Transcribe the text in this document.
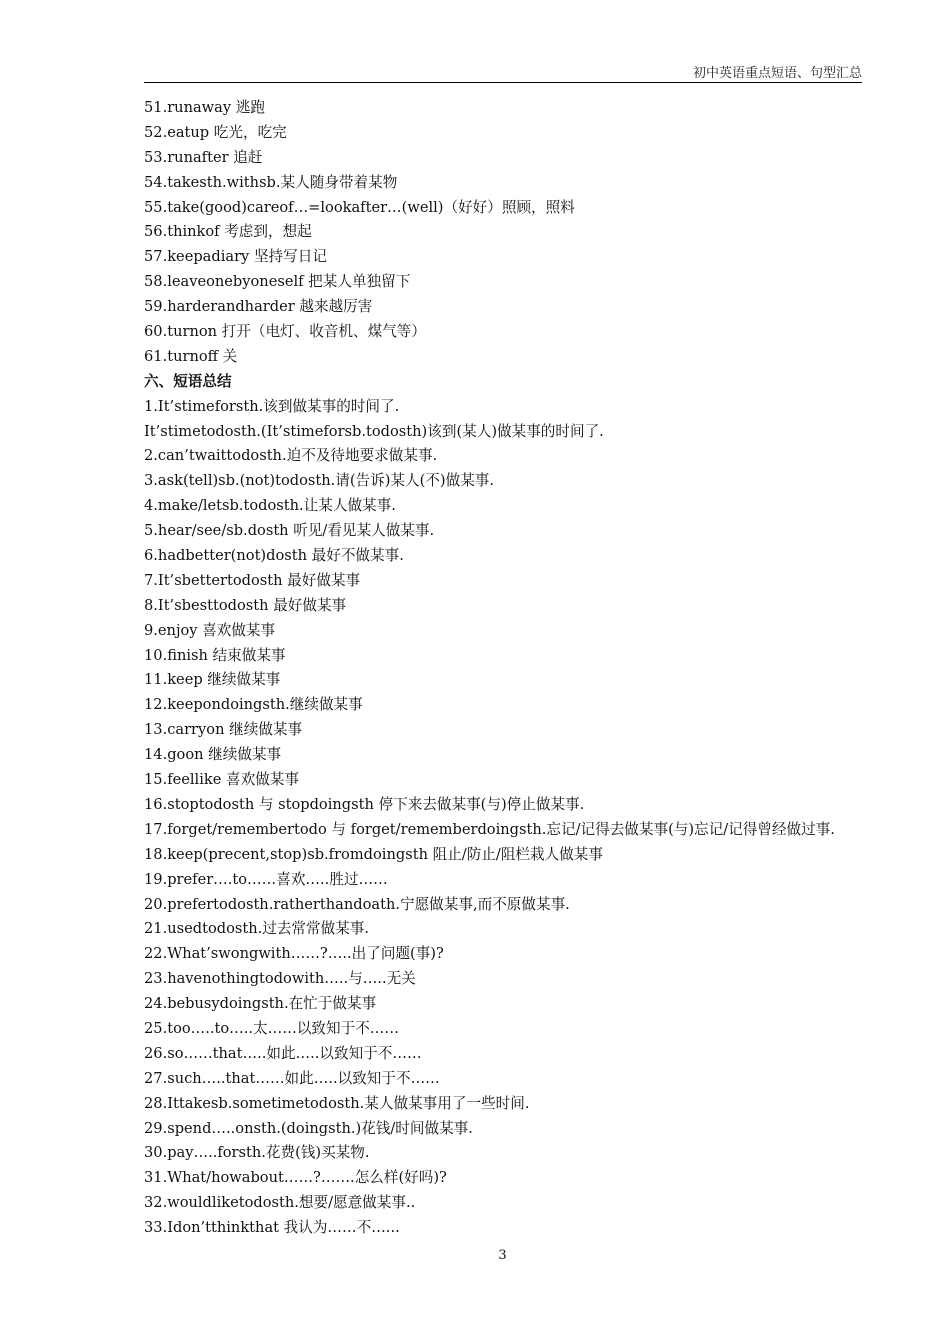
初中英语重点短语、句型汇总
51.runaway 逃跑
52.eatup 吃光，吃完
53.runafter 追赶
54.takesth.withsb.某人随身带着某物
55.take(good)careof…=lookafter…(well)（好好）照顾，照料
56.thinkof 考虑到，想起
57.keepadiary 坚持写日记
58.leaveonebyoneself 把某人单独留下
59.harderandharder 越来越厉害
60.turnon 打开（电灯、收音机、煤气等）
61.turnoff 关
六、短语总结
1.It’stimeforsth.该到做某事的时间了.
It’stimetodosth.(It’stimeforsb.todosth)该到(某人)做某事的时间了.
2.can’twaittodosth.迫不及待地要求做某事.
3.ask(tell)sb.(not)todosth.请(告诉)某人(不)做某事.
4.make/letsb.todosth.让某人做某事.
5.hear/see/sb.dosth 听见/看见某人做某事.
6.hadbetter(not)dosth 最好不做某事.
7.It’sbettertodosth 最好做某事
8.It’sbesttodosth 最好做某事
9.enjoy 喜欢做某事
10.finish 结束做某事
11.keep 继续做某事
12.keepondoingsth.继续做某事
13.carryon 继续做某事
14.goon 继续做某事
15.feellike 喜欢做某事
16.stoptodosth 与 stopdoingsth 停下来去做某事(与)停止做某事.
17.forget/remembertodo 与 forget/rememberdoingsth.忘记/记得去做某事(与)忘记/记得曾经做过事.
18.keep(precent,stop)sb.fromdoingsth 阻止/防止/阻栏栽人做某事
19.prefer….to……喜欢…..胜过……
20.prefertodosth.ratherthandoath.宁愿做某事,而不原做某事.
21.usedtodosth.过去常常做某事.
22.What’swongwith……?…..出了问题(事)?
23.havenothingtodowith…..与…..无关
24.bebusydoingsth.在忙于做某事
25.too…..to…..太……以致知于不……
26.so……that…..如此…..以致知于不……
27.such…..that……如此…..以致知于不……
28.Ittakesb.sometimetodosth.某人做某事用了一些时间.
29.spend…..onsth.(doingsth.)花钱/时间做某事.
30.pay…..forsth.花费(钱)买某物.
31.What/howabout……?…….怎么样(好吗)?
32.wouldliketodosth.想要/愿意做某事..
33.Idon’tthinkthat 我认为……不…...
3
